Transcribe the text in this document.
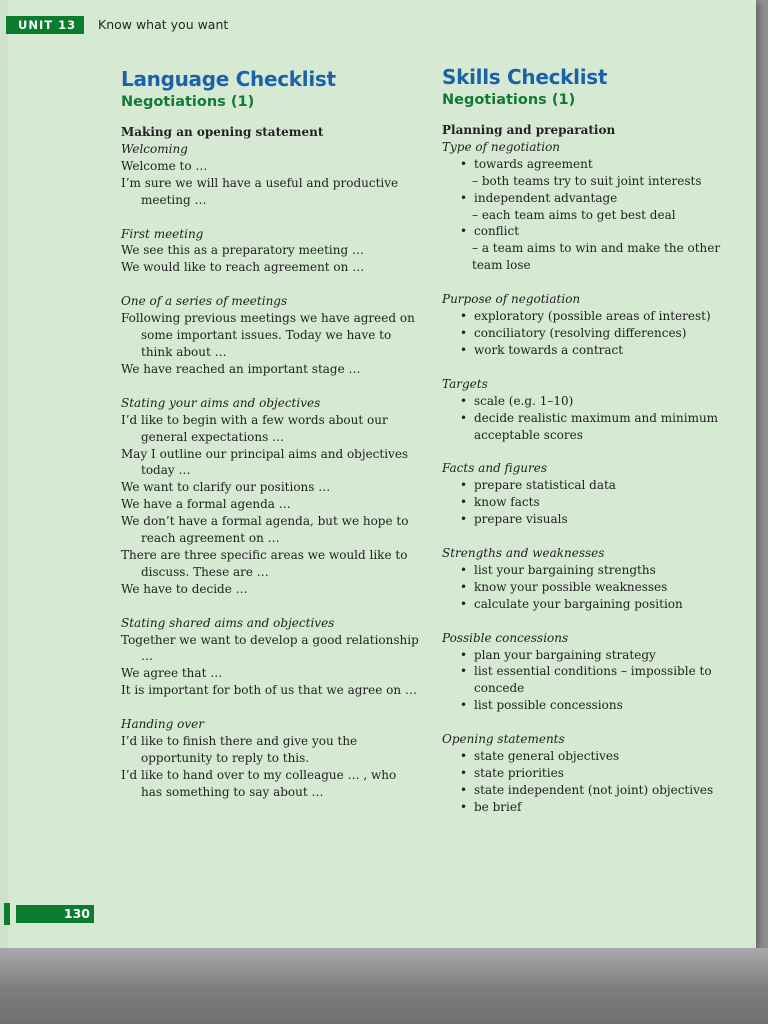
UNIT 13	Know what you want
Language Checklist
Negotiations (1)
Making an opening statement
Welcoming
Welcome to …
I’m sure we will have a useful and productive meeting …
First meeting
We see this as a preparatory meeting …
We would like to reach agreement on …
One of a series of meetings
Following previous meetings we have agreed on some important issues. Today we have to think about …
We have reached an important stage …
Stating your aims and objectives
I’d like to begin with a few words about our general expectations …
May I outline our principal aims and objectives today …
We want to clarify our positions …
We have a formal agenda …
We don’t have a formal agenda, but we hope to reach agreement on …
There are three specific areas we would like to discuss. These are …
We have to decide …
Stating shared aims and objectives
Together we want to develop a good relationship …
We agree that …
It is important for both of us that we agree on …
Handing over
I’d like to finish there and give you the opportunity to reply to this.
I’d like to hand over to my colleague … , who has something to say about …
Skills Checklist
Negotiations (1)
Planning and preparation
Type of negotiation
• towards agreement
– both teams try to suit joint interests
• independent advantage
– each team aims to get best deal
• conflict
– a team aims to win and make the other team lose
Purpose of negotiation
• exploratory (possible areas of interest)
• conciliatory (resolving differences)
• work towards a contract
Targets
• scale (e.g. 1–10)
• decide realistic maximum and minimum acceptable scores
Facts and figures
• prepare statistical data
• know facts
• prepare visuals
Strengths and weaknesses
• list your bargaining strengths
• know your possible weaknesses
• calculate your bargaining position
Possible concessions
• plan your bargaining strategy
• list essential conditions – impossible to concede
• list possible concessions
Opening statements
• state general objectives
• state priorities
• state independent (not joint) objectives
• be brief
130
